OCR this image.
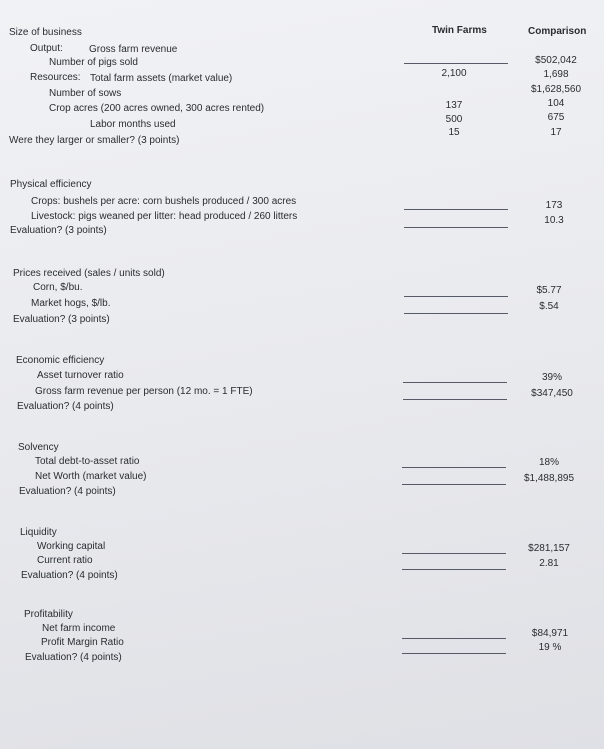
Twin Farms	Comparison
Size of business
Output:	Gross farm revenue
Number of pigs sold
Resources: Total farm assets (market value)
Number of sows
Crop acres (200 acres owned, 300 acres rented)
Labor months used
Were they larger or smaller? (3 points)
2,100
137
500
15
$502,042
1,698
$1,628,560
104
675
17
Physical efficiency
Crops: bushels per acre: corn bushels produced / 300 acres
Livestock: pigs weaned per litter: head produced / 260 litters
Evaluation? (3 points)
173
10.3
Prices received (sales / units sold)
Corn, $/bu.
Market hogs, $/lb.
Evaluation? (3 points)
$5.77
$.54
Economic efficiency
Asset turnover ratio
Gross farm revenue per person (12 mo. = 1 FTE)
Evaluation? (4 points)
39%
$347,450
Solvency
Total debt-to-asset ratio
Net Worth (market value)
Evaluation? (4 points)
18%
$1,488,895
Liquidity
Working capital
Current ratio
Evaluation? (4 points)
$281,157
2.81
Profitability
Net farm income
Profit Margin Ratio
Evaluation? (4 points)
$84,971
19 %
